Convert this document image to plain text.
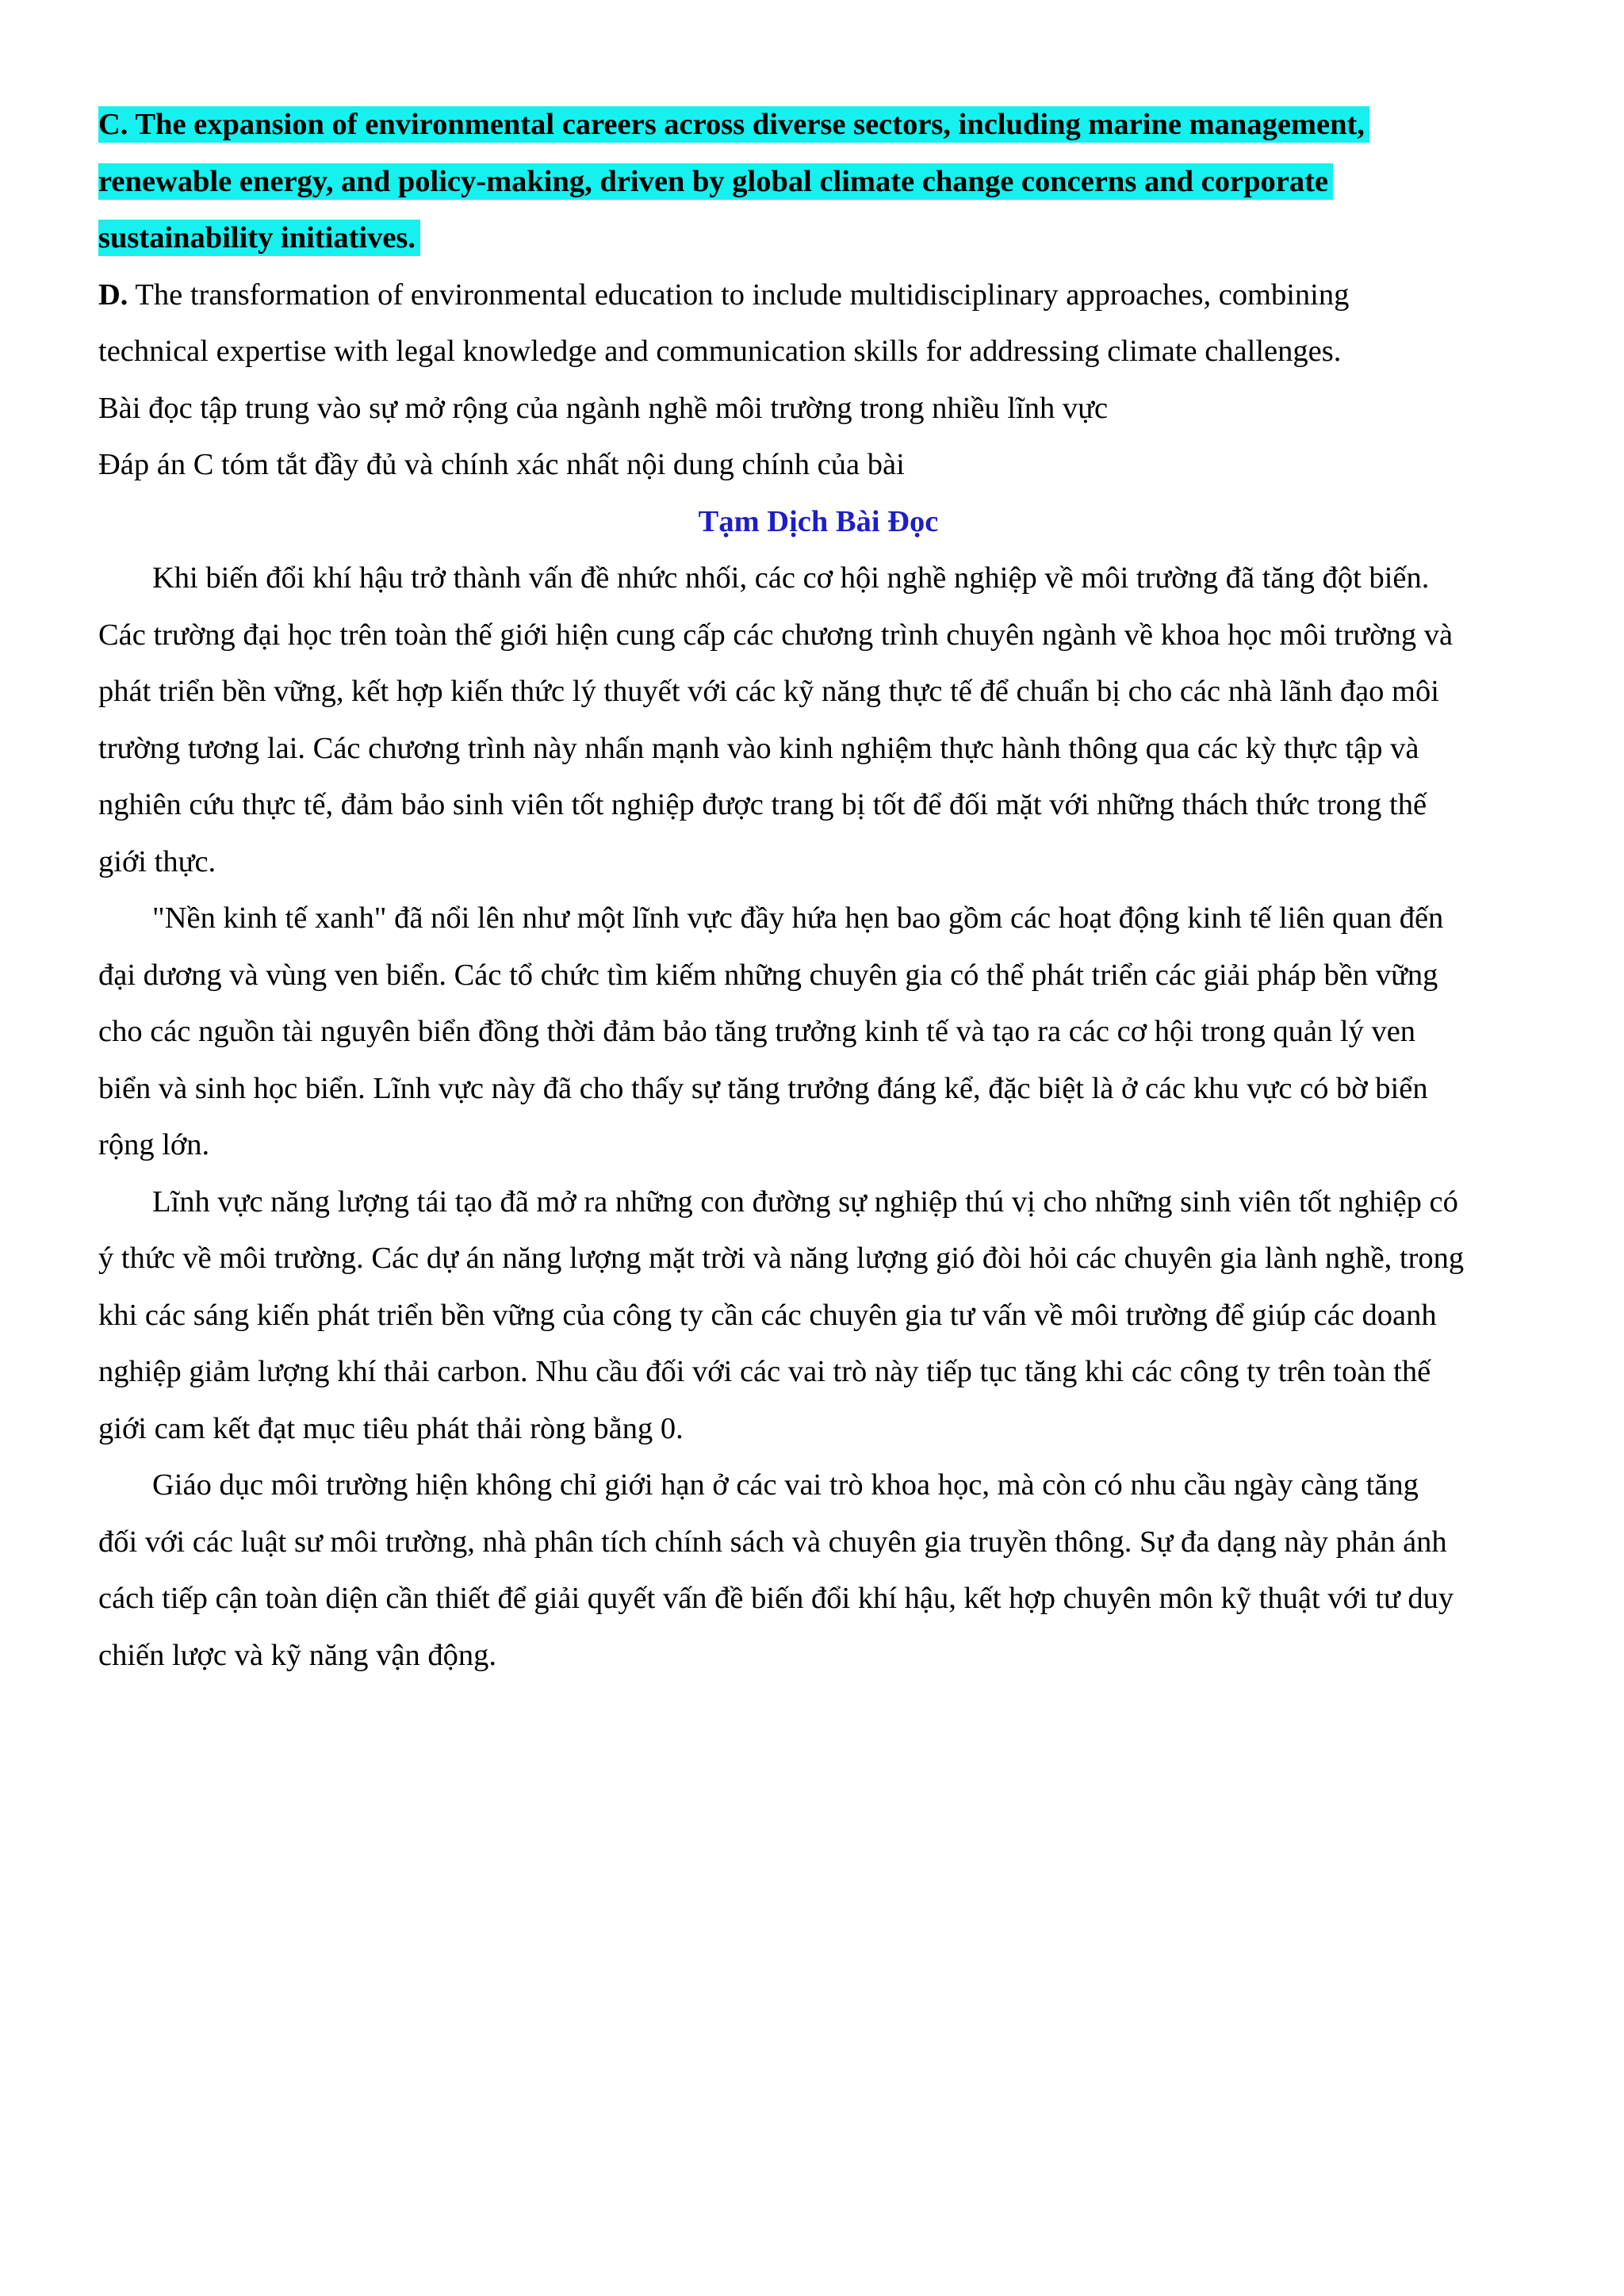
C. The expansion of environmental careers across diverse sectors, including marine management,
renewable energy, and policy-making, driven by global climate change concerns and corporate
sustainability initiatives.
D. The transformation of environmental education to include multidisciplinary approaches, combining
technical expertise with legal knowledge and communication skills for addressing climate challenges.
Bài đọc tập trung vào sự mở rộng của ngành nghề môi trường trong nhiều lĩnh vực
Đáp án C tóm tắt đầy đủ và chính xác nhất nội dung chính của bài
Tạm Dịch Bài Đọc
Khi biến đổi khí hậu trở thành vấn đề nhức nhối, các cơ hội nghề nghiệp về môi trường đã tăng đột biến.
Các trường đại học trên toàn thế giới hiện cung cấp các chương trình chuyên ngành về khoa học môi trường và
phát triển bền vững, kết hợp kiến thức lý thuyết với các kỹ năng thực tế để chuẩn bị cho các nhà lãnh đạo môi
trường tương lai. Các chương trình này nhấn mạnh vào kinh nghiệm thực hành thông qua các kỳ thực tập và
nghiên cứu thực tế, đảm bảo sinh viên tốt nghiệp được trang bị tốt để đối mặt với những thách thức trong thế
giới thực.
"Nền kinh tế xanh" đã nổi lên như một lĩnh vực đầy hứa hẹn bao gồm các hoạt động kinh tế liên quan đến
đại dương và vùng ven biển. Các tổ chức tìm kiếm những chuyên gia có thể phát triển các giải pháp bền vững
cho các nguồn tài nguyên biển đồng thời đảm bảo tăng trưởng kinh tế và tạo ra các cơ hội trong quản lý ven
biển và sinh học biển. Lĩnh vực này đã cho thấy sự tăng trưởng đáng kể, đặc biệt là ở các khu vực có bờ biển
rộng lớn.
Lĩnh vực năng lượng tái tạo đã mở ra những con đường sự nghiệp thú vị cho những sinh viên tốt nghiệp có
ý thức về môi trường. Các dự án năng lượng mặt trời và năng lượng gió đòi hỏi các chuyên gia lành nghề, trong
khi các sáng kiến phát triển bền vững của công ty cần các chuyên gia tư vấn về môi trường để giúp các doanh
nghiệp giảm lượng khí thải carbon. Nhu cầu đối với các vai trò này tiếp tục tăng khi các công ty trên toàn thế
giới cam kết đạt mục tiêu phát thải ròng bằng 0.
Giáo dục môi trường hiện không chỉ giới hạn ở các vai trò khoa học, mà còn có nhu cầu ngày càng tăng
đối với các luật sư môi trường, nhà phân tích chính sách và chuyên gia truyền thông. Sự đa dạng này phản ánh
cách tiếp cận toàn diện cần thiết để giải quyết vấn đề biến đổi khí hậu, kết hợp chuyên môn kỹ thuật với tư duy
chiến lược và kỹ năng vận động.
